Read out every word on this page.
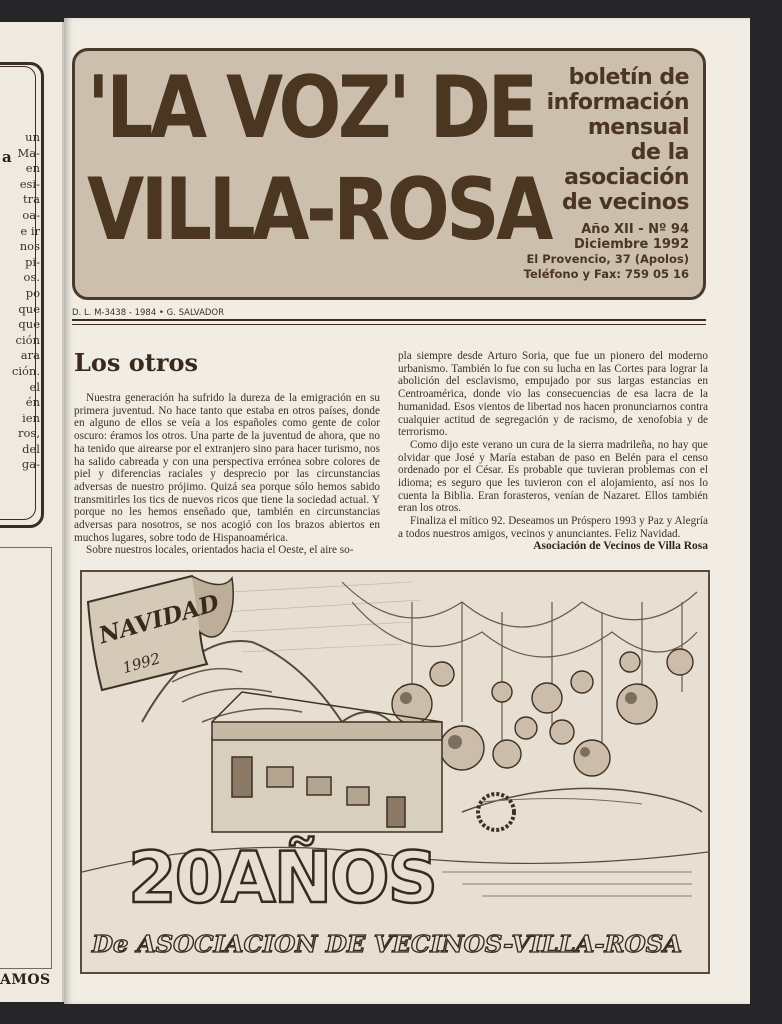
a
un
Ma-
en
esi-
tra
oa-
e ir
nos
pi-
os.
po
que
que
ción
ara
ción.
el
én
ien
ros,
del
ga-
AMOS
'LA VOZ' DE
VILLA-ROSA
boletín de
información
mensual
de la
asociación
de vecinos
Año XII - Nº 94
Diciembre 1992
El Provencio, 37 (Apolos)
Teléfono y Fax: 759 05 16
D. L. M-3438 - 1984 • G. SALVADOR
Los otros

Nuestra generación ha sufrido la dureza de la emigración en su primera juventud. No hace tanto que estaba en otros países, donde en alguno de ellos se veía a los españoles como gente de color oscuro: éramos los otros. Una parte de la juventud de ahora, que no ha tenido que airearse por el extranjero sino para hacer turismo, nos ha salido cabreada y con una perspectiva errónea sobre colores de piel y diferencias raciales y desprecio por las circunstancias adversas de nuestro prójimo. Quizá sea porque sólo hemos sabido transmitirles los tics de nuevos ricos que tiene la sociedad actual. Y porque no les hemos enseñado que, también en circunstancias adversas para nosotros, se nos acogió con los brazos abiertos en muchos lugares, sobre todo de Hispanoamérica.

Sobre nuestros locales, orientados hacia el Oeste, el aire so-

pla siempre desde Arturo Soria, que fue un pionero del moderno urbanismo. También lo fue con su lucha en las Cortes para lograr la abolición del esclavismo, empujado por sus largas estancias en Centroamérica, donde vio las consecuencias de esa lacra de la humanidad. Esos vientos de libertad nos hacen pronunciarnos contra cualquier actitud de segregación y de racismo, de xenofobia y de terrorismo.

Como dijo este verano un cura de la sierra madrileña, no hay que olvidar que José y María estaban de paso en Belén para el censo ordenado por el César. Es probable que tuvieran problemas con el idioma; es seguro que les tuvieron con el alojamiento, así nos lo cuenta la Biblia. Eran forasteros, venían de Nazaret. Ellos también eran los otros.

Finaliza el mítico 92. Deseamos un Próspero 1993 y Paz y Alegría a todos nuestros amigos, vecinos y anunciantes. Feliz Navidad.

Asociación de Vecinos de Villa Rosa
NAVIDAD
1992
20AÑOS
De ASOCIACION DE VECINOS-VILLA-ROSA
